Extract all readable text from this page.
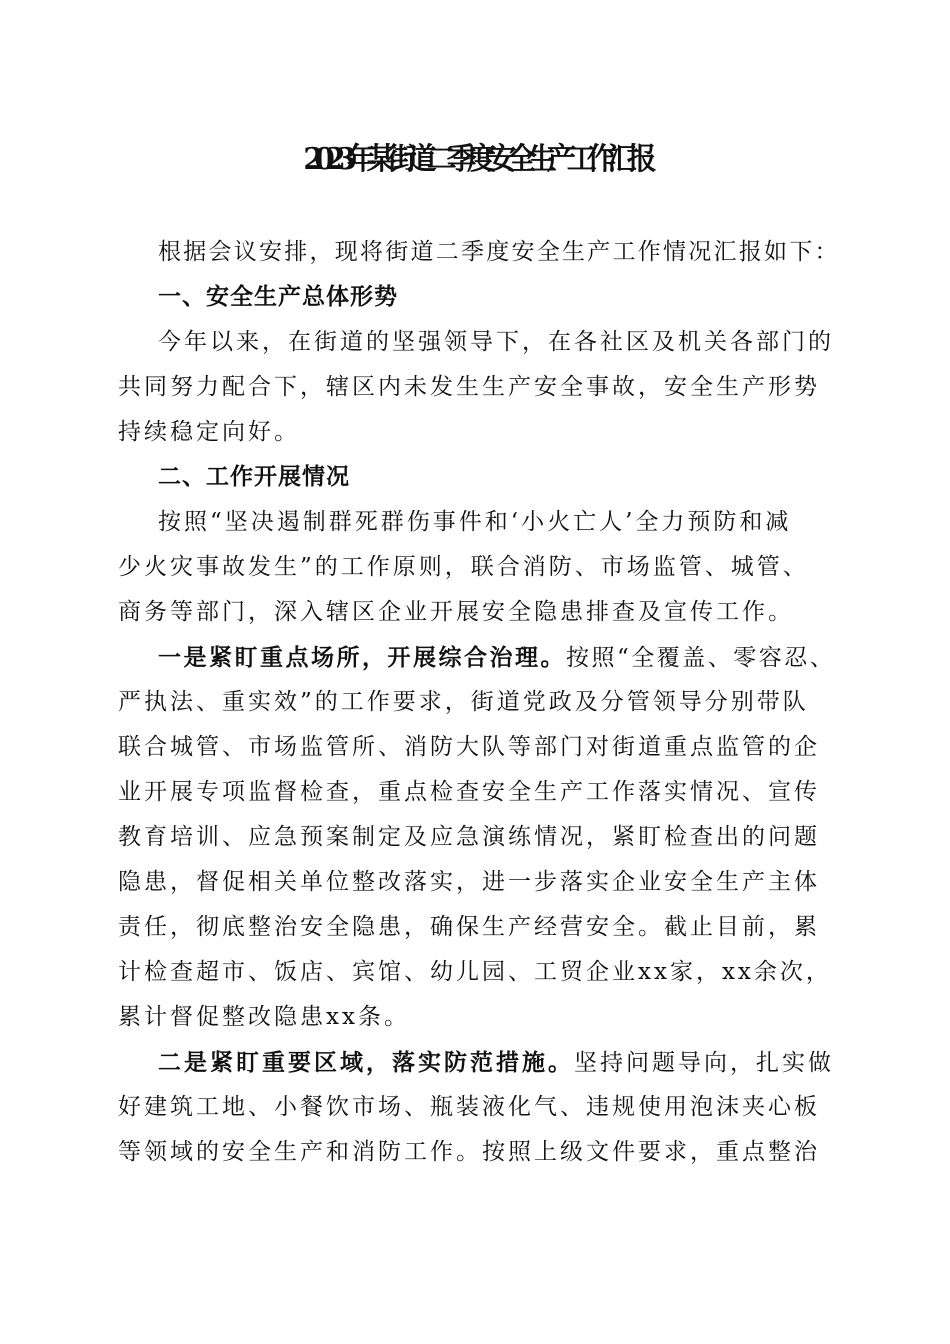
2023年某街道二季度安全生产工作汇报
根据会议安排，现将街道二季度安全生产工作情况汇报如下：
一、安全生产总体形势
今年以来，在街道的坚强领导下，在各社区及机关各部门的
共同努力配合下，辖区内未发生生产安全事故，安全生产形势
持续稳定向好。
二、工作开展情况
按照“坚决遏制群死群伤事件和‘小火亡人’全力预防和减
少火灾事故发生”的工作原则，联合消防、市场监管、城管、
商务等部门，深入辖区企业开展安全隐患排查及宣传工作。
一是紧盯重点场所，开展综合治理。按照“全覆盖、零容忍、
严执法、重实效”的工作要求，街道党政及分管领导分别带队
联合城管、市场监管所、消防大队等部门对街道重点监管的企
业开展专项监督检查，重点检查安全生产工作落实情况、宣传
教育培训、应急预案制定及应急演练情况，紧盯检查出的问题
隐患，督促相关单位整改落实，进一步落实企业安全生产主体
责任，彻底整治安全隐患，确保生产经营安全。截止目前，累
计检查超市、饭店、宾馆、幼儿园、工贸企业xx家，xx余次，
累计督促整改隐患xx条。
二是紧盯重要区域，落实防范措施。坚持问题导向，扎实做
好建筑工地、小餐饮市场、瓶装液化气、违规使用泡沫夹心板
等领域的安全生产和消防工作。按照上级文件要求，重点整治
